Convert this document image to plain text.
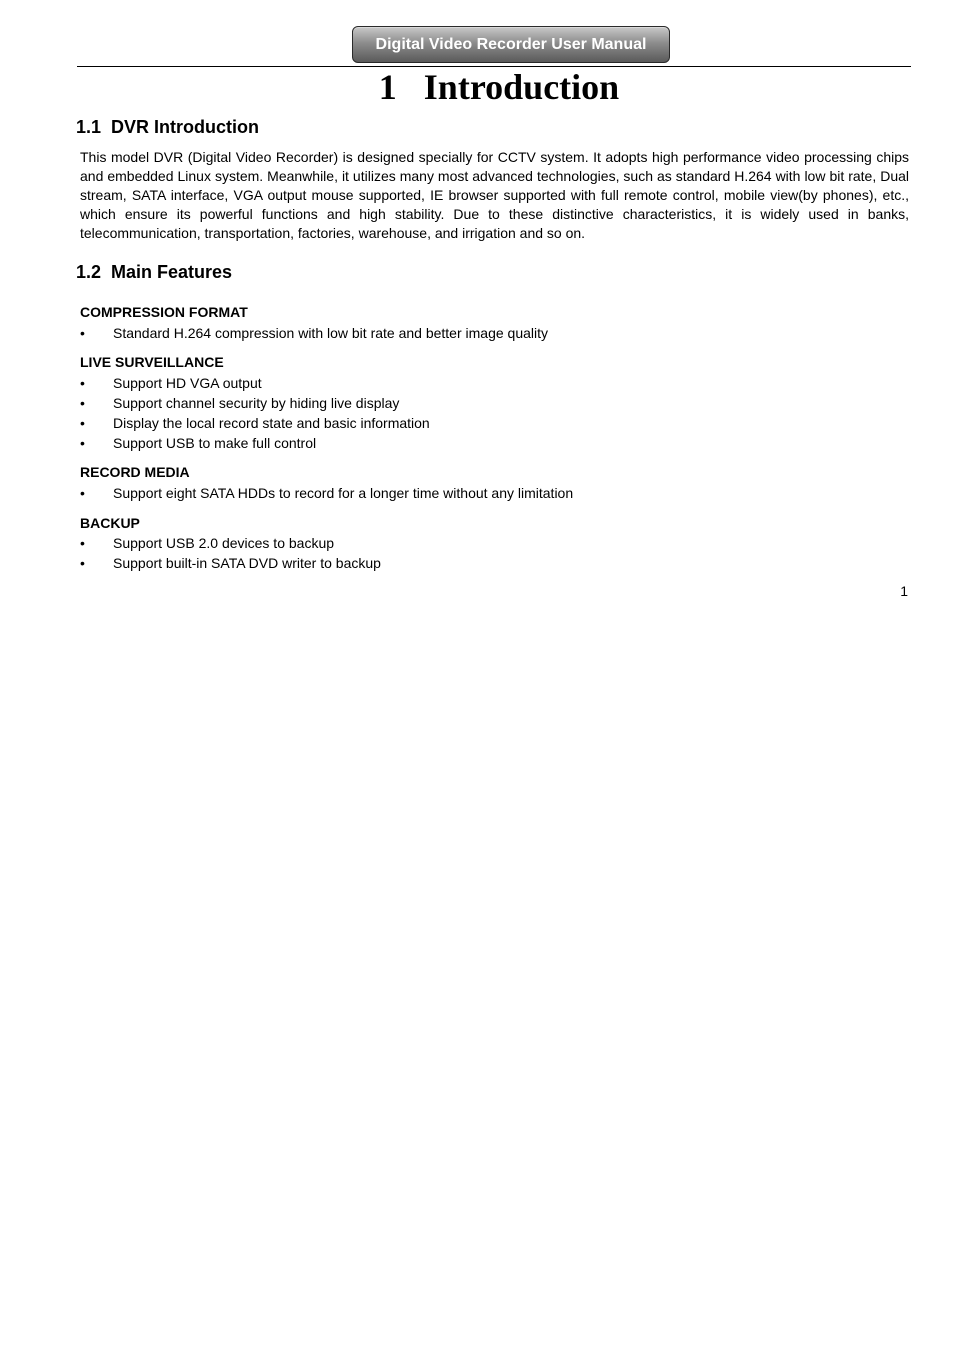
Digital Video Recorder User Manual
1   Introduction
1.1  DVR Introduction

This model DVR (Digital Video Recorder) is designed specially for CCTV system. It adopts high performance video processing chips and embedded Linux system. Meanwhile, it utilizes many most advanced technologies, such as standard H.264 with low bit rate, Dual stream, SATA interface, VGA output mouse supported, IE browser supported with full remote control, mobile view(by phones), etc., which ensure its powerful functions and high stability. Due to these distinctive characteristics, it is widely used in banks, telecommunication, transportation, factories, warehouse, and irrigation and so on.

1.2  Main Features
COMPRESSION FORMAT
• Standard H.264 compression with low bit rate and better image quality
LIVE SURVEILLANCE
• Support HD VGA output
• Support channel security by hiding live display
• Display the local record state and basic information
• Support USB to make full control
RECORD MEDIA
• Support eight SATA HDDs to record for a longer time without any limitation
BACKUP
• Support USB 2.0 devices to backup
• Support built-in SATA DVD writer to backup
1
